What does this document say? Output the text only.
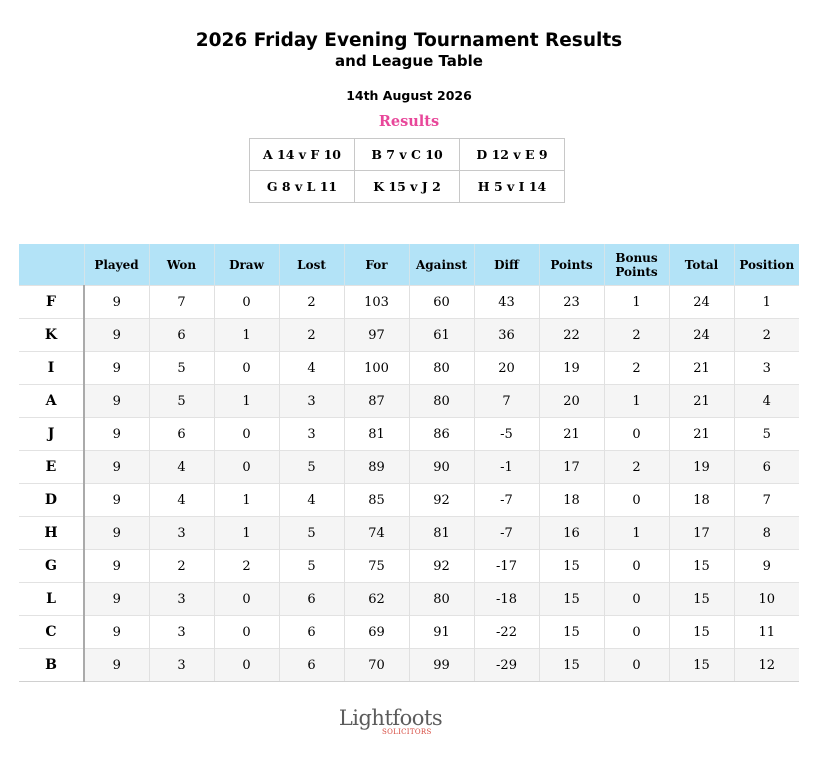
2026 Friday Evening Tournament Results
and League Table
14th August 2026
Results
A 14 v F 10	B 7 v C 10	D 12 v E 9
G 8 v L 11	K 15 v J 2	H 5 v I 14
	Played	Won	Draw	Lost	For	Against	Diff	Points	Bonus Points	Total	Position
F	9	7	0	2	103	60	43	23	1	24	1
K	9	6	1	2	97	61	36	22	2	24	2
I	9	5	0	4	100	80	20	19	2	21	3
A	9	5	1	3	87	80	7	20	1	21	4
J	9	6	0	3	81	86	-5	21	0	21	5
E	9	4	0	5	89	90	-1	17	2	19	6
D	9	4	1	4	85	92	-7	18	0	18	7
H	9	3	1	5	74	81	-7	16	1	17	8
G	9	2	2	5	75	92	-17	15	0	15	9
L	9	3	0	6	62	80	-18	15	0	15	10
C	9	3	0	6	69	91	-22	15	0	15	11
B	9	3	0	6	70	99	-29	15	0	15	12
Lightfoots
SOLICITORS
